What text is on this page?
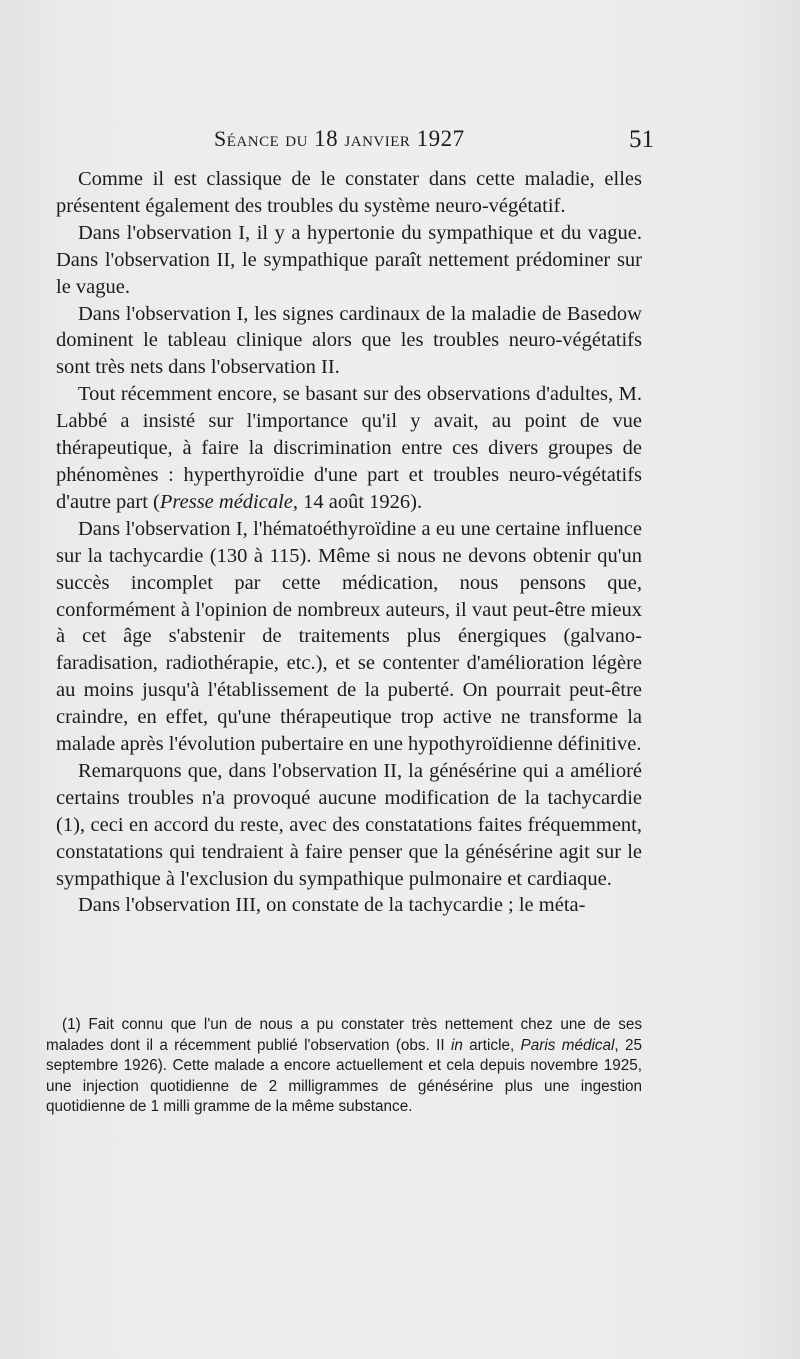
Séance du 18 janvier 1927	51

Comme il est classique de le constater dans cette maladie, elles présentent également des troubles du système neuro-végétatif.

Dans l'observation I, il y a hypertonie du sympathique et du vague. Dans l'observation II, le sympathique paraît nettement prédominer sur le vague.

Dans l'observation I, les signes cardinaux de la maladie de Basedow dominent le tableau clinique alors que les troubles neuro-végétatifs sont très nets dans l'observation II.

Tout récemment encore, se basant sur des observations d'adultes, M. Labbé a insisté sur l'importance qu'il y avait, au point de vue thérapeutique, à faire la discrimination entre ces divers groupes de phénomènes : hyperthyroïdie d'une part et troubles neuro-végétatifs d'autre part (Presse médicale, 14 août 1926).

Dans l'observation I, l'hématoéthyroïdine a eu une certaine influence sur la tachycardie (130 à 115). Même si nous ne devons obtenir qu'un succès incomplet par cette médication, nous pensons que, conformément à l'opinion de nombreux auteurs, il vaut peut-être mieux à cet âge s'abstenir de traitements plus énergiques (galvano-faradisation, radiothérapie, etc.), et se contenter d'amélioration légère au moins jusqu'à l'établissement de la puberté. On pourrait peut-être craindre, en effet, qu'une thérapeutique trop active ne transforme la malade après l'évolution pubertaire en une hypothyroïdienne définitive.

Remarquons que, dans l'observation II, la génésérine qui a amélioré certains troubles n'a provoqué aucune modification de la tachycardie (1), ceci en accord du reste, avec des constatations faites fréquemment, constatations qui tendraient à faire penser que la génésérine agit sur le sympathique à l'exclusion du sympathique pulmonaire et cardiaque.

Dans l'observation III, on constate de la tachycardie ; le méta-

(1) Fait connu que l'un de nous a pu constater très nettement chez une de ses malades dont il a récemment publié l'observation (obs. II in article, Paris médical, 25 septembre 1926). Cette malade a encore actuellement et cela depuis novembre 1925, une injection quotidienne de 2 milligrammes de génésérine plus une ingestion quotidienne de 1 milli gramme de la même substance.
